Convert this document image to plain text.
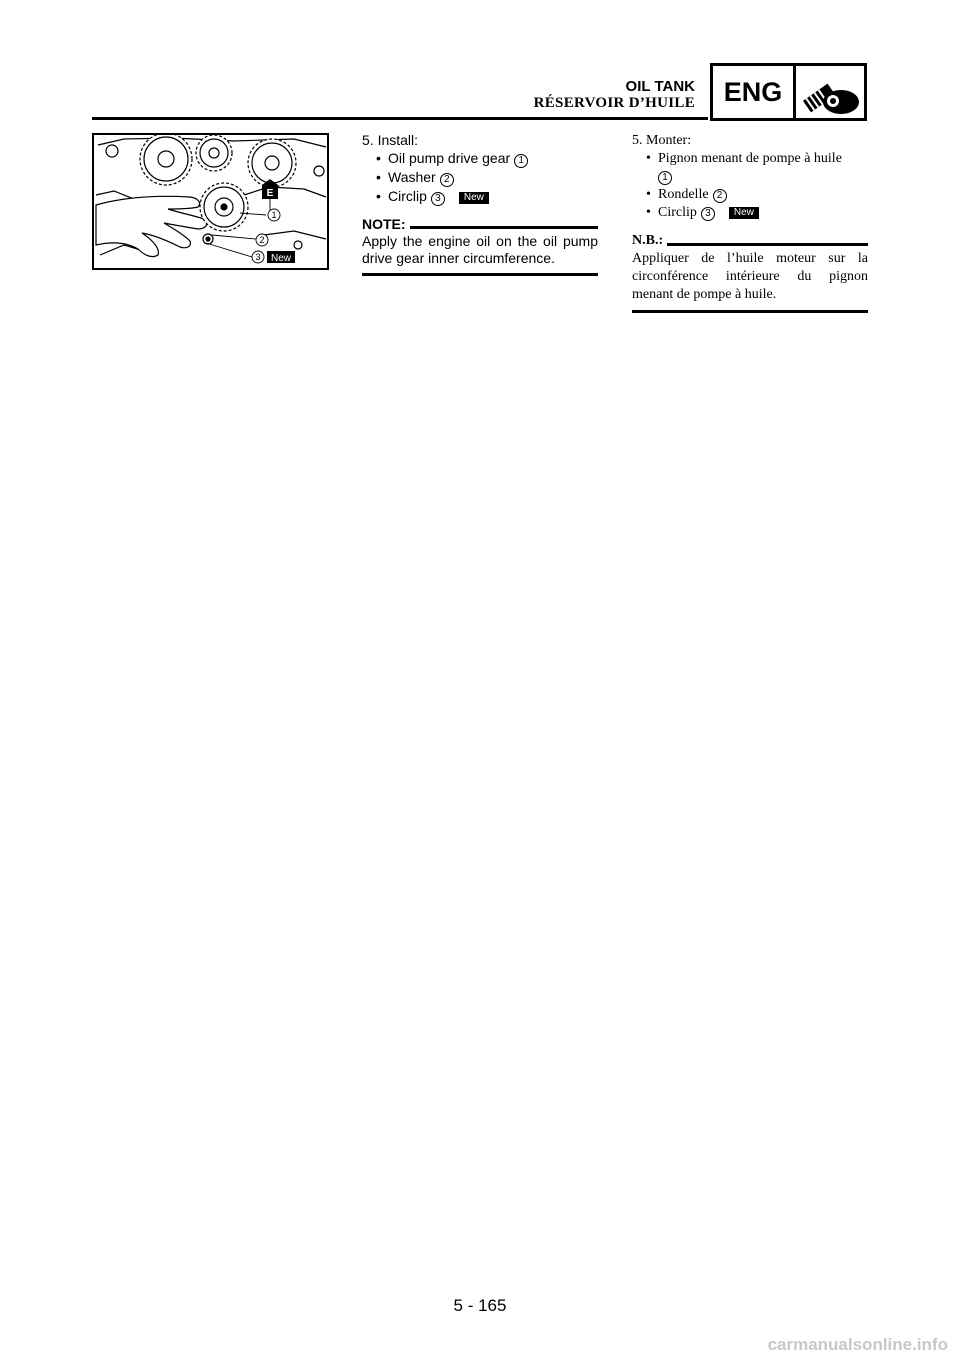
OIL TANK
RÉSERVOIR D’HUILE	ENG
E
1
2
3 New
5. Install:
• Oil pump drive gear 1
• Washer 2
• Circlip 3 New
NOTE:
Apply the engine oil on the oil pump drive gear inner circumference.
5. Monter:
• Pignon menant de pompe à huile
1
• Rondelle 2
• Circlip 3 New
N.B.:
Appliquer de l’huile moteur sur la circonférence intérieure du pignon menant de pompe à huile.
5 - 165
carmanualsonline.info
